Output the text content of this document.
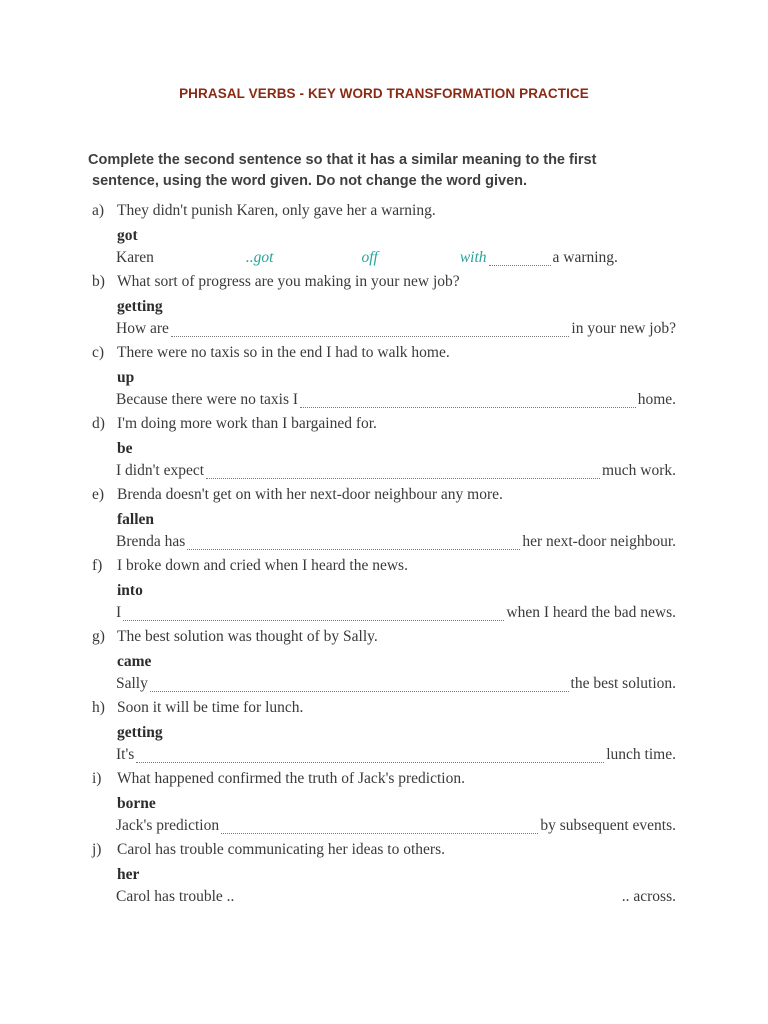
PHRASAL VERBS - KEY WORD TRANSFORMATION PRACTICE
Complete the second sentence so that it has a similar meaning to the first
sentence, using the word given. Do not change the word given.
a) They didn't punish Karen, only gave her a warning.
got
Karen	..got	off	with	a warning.
b) What sort of progress are you making in your new job?
getting
How are	in your new job?
c) There were no taxis so in the end I had to walk home.
up
Because there were no taxis I	home.
d) I'm doing more work than I bargained for.
be
I didn't expect	much work.
e) Brenda doesn't get on with her next-door neighbour any more.
fallen
Brenda has	her next-door neighbour.
f) I broke down and cried when I heard the news.
into
I	when I heard the bad news.
g) The best solution was thought of by Sally.
came
Sally	the best solution.
h) Soon it will be time for lunch.
getting
It's	lunch time.
i)	What happened confirmed the truth of Jack's prediction.
borne
Jack's prediction	by subsequent events.
j)	Carol has trouble communicating her ideas to others.
her
Carol has trouble ..	.. across.
